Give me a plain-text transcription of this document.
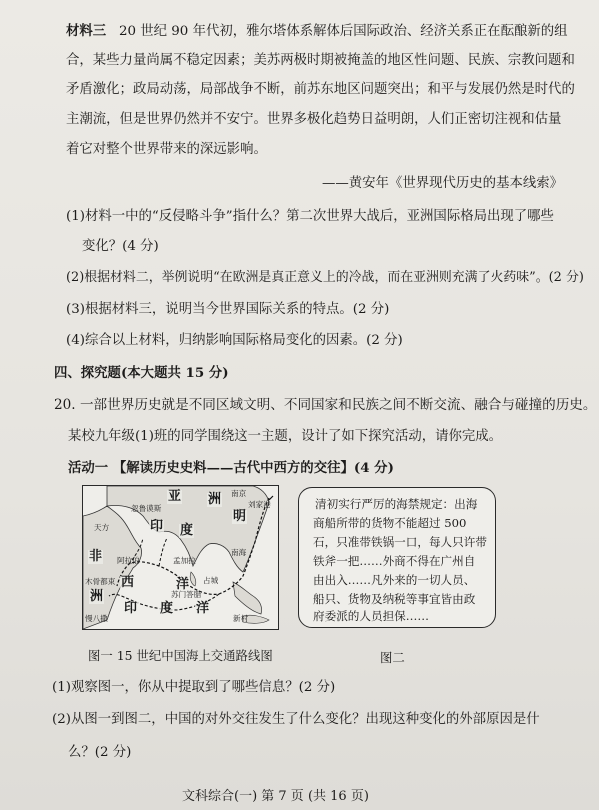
材料三 20 世纪 90 年代初，雅尔塔体系解体后国际政治、经济关系正在酝酿新的组
合，某些力量尚属不稳定因素；美苏两极时期被掩盖的地区性问题、民族、宗教问题和
矛盾激化；政局动荡，局部战争不断，前苏东地区问题突出；和平与发展仍然是时代的
主潮流，但是世界仍然并不安宁。世界多极化趋势日益明朗，人们正密切注视和估量
着它对整个世界带来的深远影响。
——黄安年《世界现代历史的基本线索》
(1)材料一中的“反侵略斗争”指什么？第二次世界大战后，亚洲国际格局出现了哪些
变化？(4 分)
(2)根据材料二，举例说明“在欧洲是真正意义上的冷战，而在亚洲则充满了火药味”。(2 分)
(3)根据材料三，说明当今世界国际关系的特点。(2 分)
(4)综合以上材料，归纳影响国际格局变化的因素。(2 分)
四、探究题(本大题共 15 分)
20. 一部世界历史就是不同区域文明、不同国家和民族之间不断交流、融合与碰撞的历史。
某校九年级(1)班的同学围绕这一主题，设计了如下探究活动，请你完成。
活动一 【解读历史史料——古代中西方的交往】(4 分)
亚 洲
明
印 度
非
洲
西	洋
印 度 洋
南京
刘家港
忽鲁谟斯
天方
阿拉伯	孟加拉
南海
木骨都束	占城
苏门答腊
慢八撒	新村
清初实行严厉的海禁规定：出海
商船所带的货物不能超过 500
石，只准带铁锅一口，每人只许带
铁斧一把……外商不得在广州自
由出入……凡外来的一切人员、
船只、货物及纳税等事宜皆由政
府委派的人员担保……
图一 15 世纪中国海上交通路线图	图二
(1)观察图一，你从中提取到了哪些信息？(2 分)
(2)从图一到图二，中国的对外交往发生了什么变化？出现这种变化的外部原因是什
么？(2 分)
文科综合(一) 第 7 页 (共 16 页)
